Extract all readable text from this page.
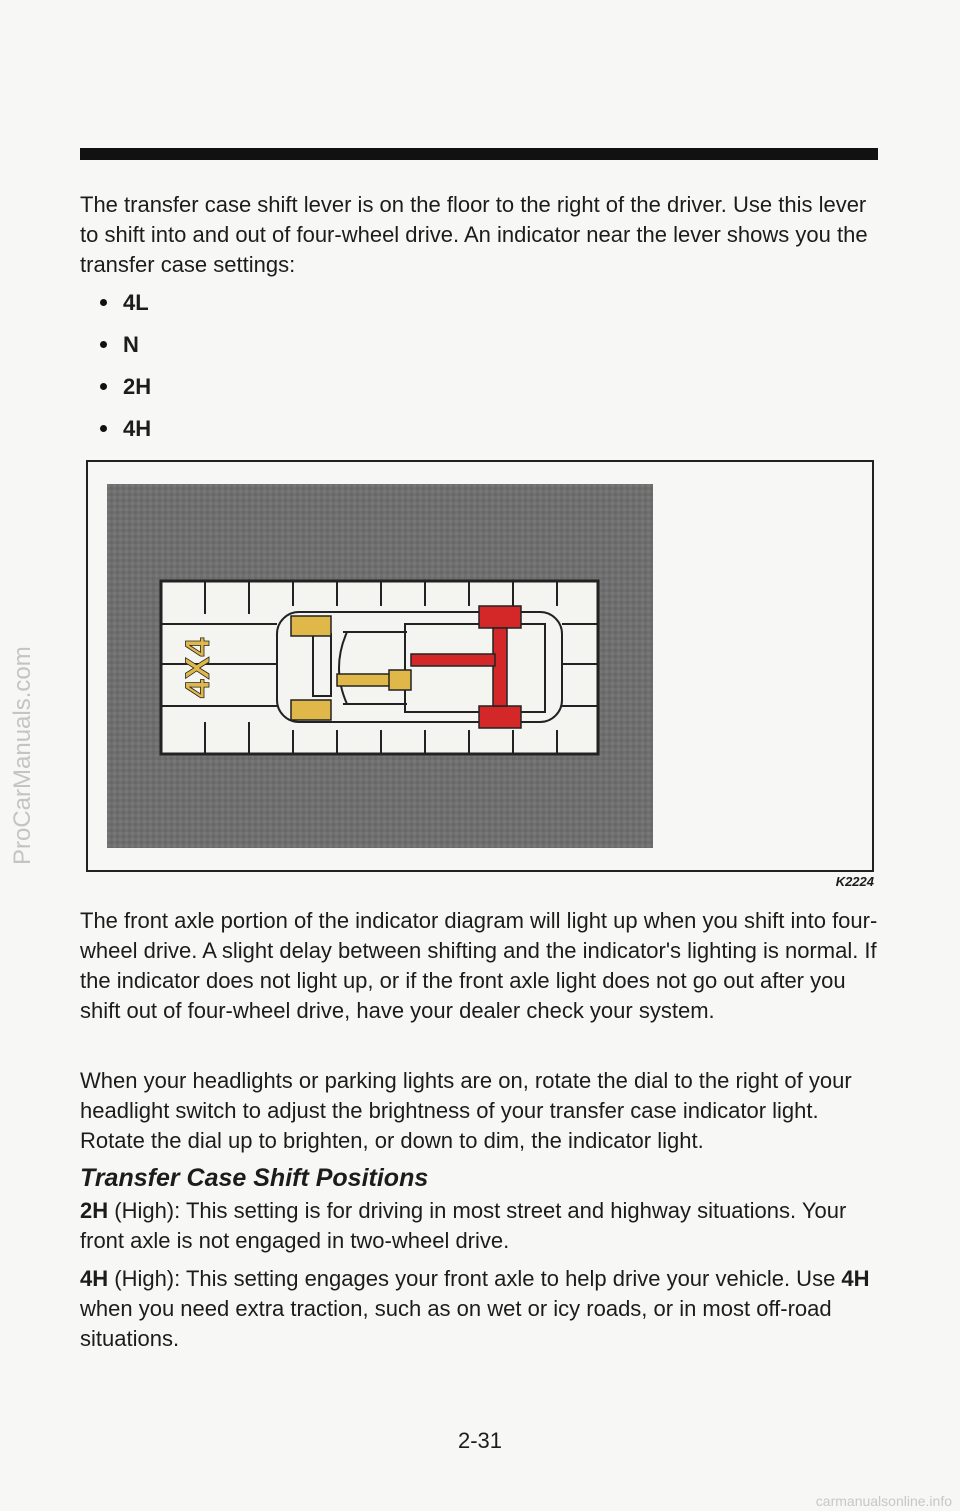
The transfer case shift lever is on the floor to the right of the driver. Use this lever to shift into and out of four-wheel drive. An indicator near the lever shows you the transfer case settings:

4L
N
2H
4H
4X4
K2224

The front axle portion of the indicator diagram will light up when you shift into four-wheel drive. A slight delay between shifting and the indicator's lighting is normal. If the indicator does not light up, or if the front axle light does not go out after you shift out of four-wheel drive, have your dealer check your system.

When your headlights or parking lights are on, rotate the dial to the right of your headlight switch to adjust the brightness of your transfer case indicator light. Rotate the dial up to brighten, or down to dim, the indicator light.

Transfer Case Shift Positions

2H (High): This setting is for driving in most street and highway situations. Your front axle is not engaged in two-wheel drive.

4H (High): This setting engages your front axle to help drive your vehicle. Use 4H when you need extra traction, such as on wet or icy roads, or in most off-road situations.

2-31
ProCarManuals.com
carmanualsonline.info
